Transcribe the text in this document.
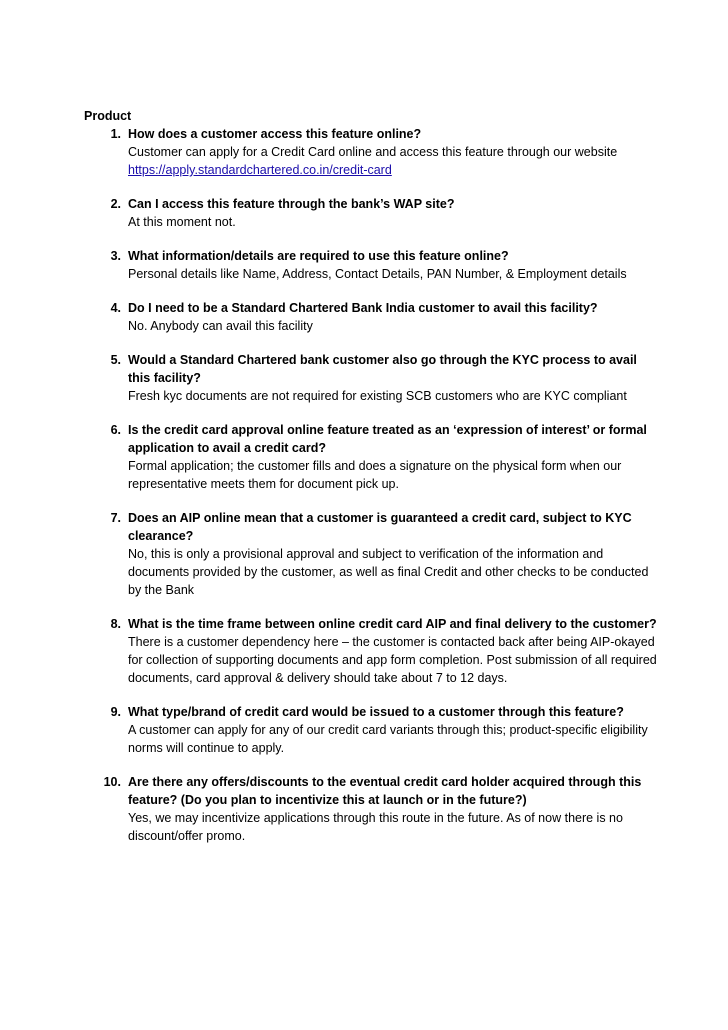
Product
1. How does a customer access this feature online?
Customer can apply for a Credit Card online and access this feature through our website
https://apply.standardchartered.co.in/credit-card
2. Can I access this feature through the bank’s WAP site?
At this moment not.
3. What information/details are required to use this feature online?
Personal details like Name, Address, Contact Details, PAN Number, & Employment details
4. Do I need to be a Standard Chartered Bank India customer to avail this facility?
No. Anybody can avail this facility
5. Would a Standard Chartered bank customer also go through the KYC process to avail this facility?
Fresh kyc documents are not required for existing SCB customers who are KYC compliant
6. Is the credit card approval online feature treated as an ‘expression of interest’ or formal application to avail a credit card?
Formal application; the customer fills and does a signature on the physical form when our representative meets them for document pick up.
7. Does an AIP online mean that a customer is guaranteed a credit card, subject to KYC clearance?
No, this is only a provisional approval and subject to verification of the information and documents provided by the customer, as well as final Credit and other checks to be conducted by the Bank
8. What is the time frame between online credit card AIP and final delivery to the customer?
There is a customer dependency here – the customer is contacted back after being AIP-okayed for collection of supporting documents and app form completion. Post submission of all required documents, card approval & delivery should take about 7 to 12 days.
9. What type/brand of credit card would be issued to a customer through this feature?
A customer can apply for any of our credit card variants through this; product-specific eligibility norms will continue to apply.
10. Are there any offers/discounts to the eventual credit card holder acquired through this feature? (Do you plan to incentivize this at launch or in the future?)
Yes, we may incentivize applications through this route in the future. As of now there is no discount/offer promo.
